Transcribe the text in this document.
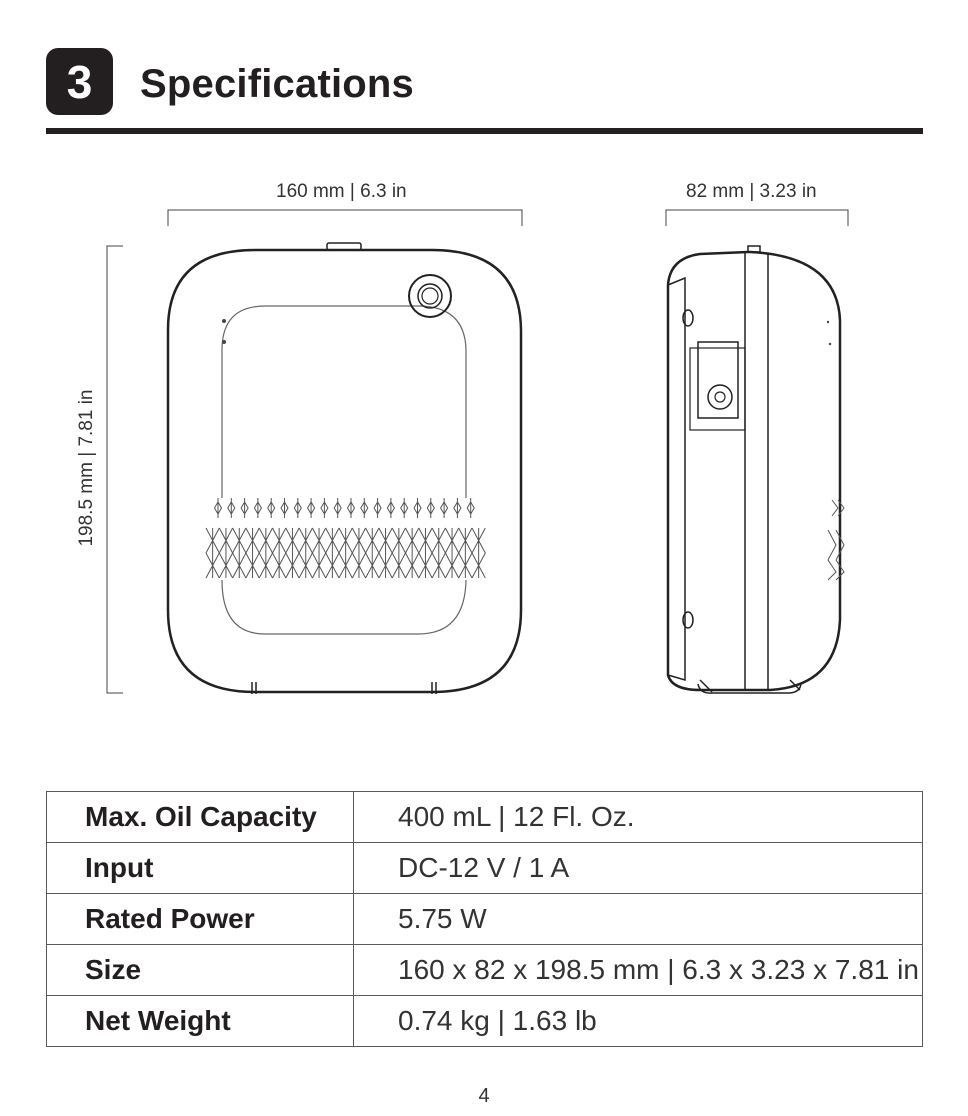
3 Specifications
160 mm | 6.3 in	82 mm | 3.23 in
198.5 mm | 7.81 in
Max. Oil Capacity	400 mL | 12 Fl. Oz.
Input	DC-12 V / 1 A
Rated Power	5.75 W
Size	160 x 82 x 198.5 mm | 6.3 x 3.23 x 7.81 in
Net Weight	0.74 kg | 1.63 lb
4
